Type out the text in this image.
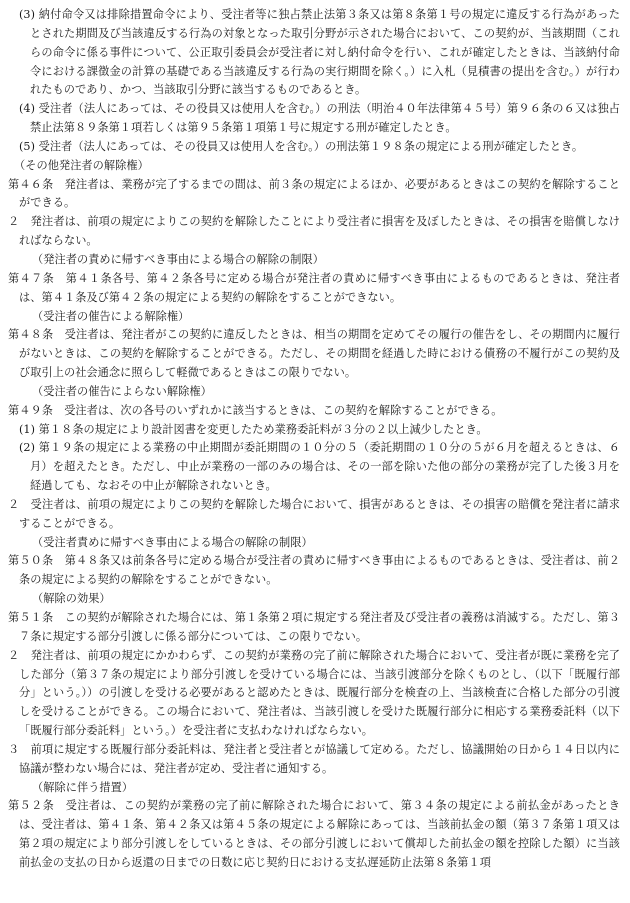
(3) 納付命令又は排除措置命令により、受注者等に独占禁止法第３条又は第８条第１号の規定に違反する行為があったとされた期間及び当該違反する行為の対象となった取引分野が示された場合において、この契約が、当該期間（これらの命令に係る事件について、公正取引委員会が受注者に対し納付命令を行い、これが確定したときは、当該納付命令における課徴金の計算の基礎である当該違反する行為の実行期間を除く。）に入札（見積書の提出を含む。）が行われたものであり、かつ、当該取引分野に該当するものであるとき。

(4) 受注者（法人にあっては、その役員又は使用人を含む。）の刑法（明治４０年法律第４５号）第９６条の６又は独占禁止法第８９条第１項若しくは第９５条第１項第１号に規定する刑が確定したとき。

(5) 受注者（法人にあっては、その役員又は使用人を含む。）の刑法第１９８条の規定による刑が確定したとき。

（その他発注者の解除権）

第４６条　発注者は、業務が完了するまでの間は、前３条の規定によるほか、必要があるときはこの契約を解除することができる。

２　発注者は、前項の規定によりこの契約を解除したことにより受注者に損害を及ぼしたときは、その損害を賠償しなければならない。

（発注者の責めに帰すべき事由による場合の解除の制限）

第４７条　第４１条各号、第４２条各号に定める場合が発注者の責めに帰すべき事由によるものであるときは、発注者は、第４１条及び第４２条の規定による契約の解除をすることができない。

（受注者の催告による解除権）

第４８条　受注者は、発注者がこの契約に違反したときは、相当の期間を定めてその履行の催告をし、その期間内に履行がないときは、この契約を解除することができる。ただし、その期間を経過した時における債務の不履行がこの契約及び取引上の社会通念に照らして軽微であるときはこの限りでない。

（受注者の催告によらない解除権）

第４９条　受注者は、次の各号のいずれかに該当するときは、この契約を解除することができる。

(1) 第１８条の規定により設計図書を変更したため業務委託料が３分の２以上減少したとき。

(2) 第１９条の規定による業務の中止期間が委託期間の１０分の５（委託期間の１０分の５が６月を超えるときは、６月）を超えたとき。ただし、中止が業務の一部のみの場合は、その一部を除いた他の部分の業務が完了した後３月を経過しても、なおその中止が解除されないとき。

２　受注者は、前項の規定によりこの契約を解除した場合において、損害があるときは、その損害の賠償を発注者に請求することができる。

（受注者責めに帰すべき事由による場合の解除の制限）

第５０条　第４８条又は前条各号に定める場合が受注者の責めに帰すべき事由によるものであるときは、受注者は、前２条の規定による契約の解除をすることができない。

（解除の効果）

第５１条　この契約が解除された場合には、第１条第２項に規定する発注者及び受注者の義務は消滅する。ただし、第３７条に規定する部分引渡しに係る部分については、この限りでない。

２　発注者は、前項の規定にかかわらず、この契約が業務の完了前に解除された場合において、受注者が既に業務を完了した部分（第３７条の規定により部分引渡しを受けている場合には、当該引渡部分を除くものとし、（以下「既履行部分」という。））の引渡しを受ける必要があると認めたときは、既履行部分を検査の上、当該検査に合格した部分の引渡しを受けることができる。この場合において、発注者は、当該引渡しを受けた既履行部分に相応する業務委託料（以下「既履行部分委託料」という。）を受注者に支払わなければならない。

３　前項に規定する既履行部分委託料は、発注者と受注者とが協議して定める。ただし、協議開始の日から１４日以内に協議が整わない場合には、発注者が定め、受注者に通知する。

（解除に伴う措置）

第５２条　受注者は、この契約が業務の完了前に解除された場合において、第３４条の規定による前払金があったときは、受注者は、第４１条、第４２条又は第４５条の規定による解除にあっては、当該前払金の額（第３７条第１項又は第２項の規定により部分引渡しをしているときは、その部分引渡しにおいて償却した前払金の額を控除した額）に当該前払金の支払の日から返還の日までの日数に応じ契約日における支払遅延防止法第８条第１項
